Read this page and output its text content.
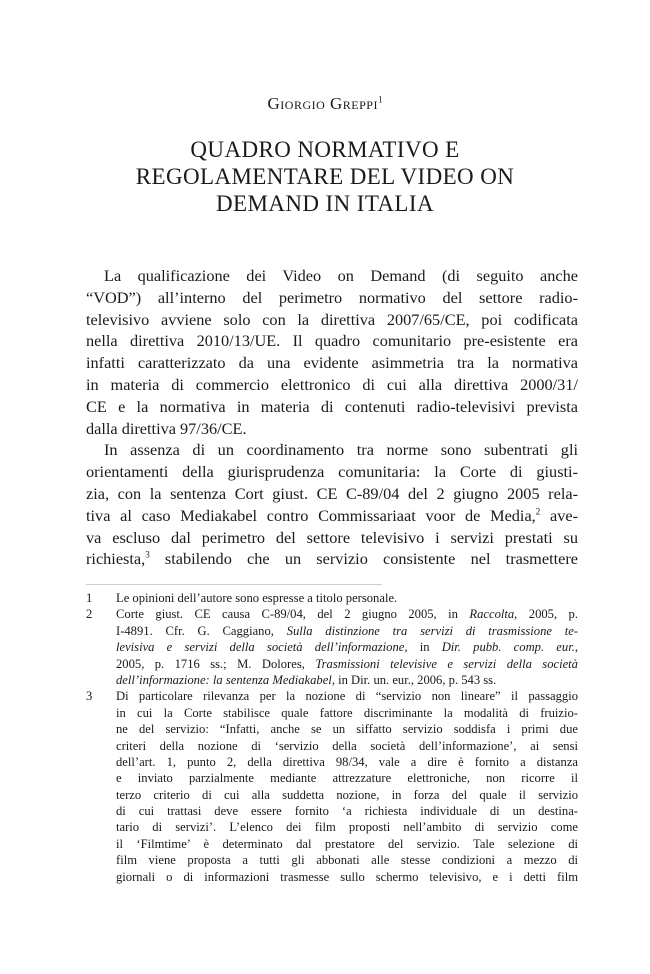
Giorgio Greppi$^1$
QUADRO NORMATIVO E
REGOLAMENTARE DEL VIDEO ON
DEMAND IN ITALIA
La qualificazione dei Video on Demand (di seguito anche
“VOD”) all’interno del perimetro normativo del settore radio-
televisivo avviene solo con la direttiva 2007/65/CE, poi codificata
nella direttiva 2010/13/UE. Il quadro comunitario pre-esistente era
infatti caratterizzato da una evidente asimmetria tra la normativa
in materia di commercio elettronico di cui alla direttiva 2000/31/
CE e la normativa in materia di contenuti radio-televisivi prevista
dalla direttiva 97/36/CE.
In assenza di un coordinamento tra norme sono subentrati gli
orientamenti della giurisprudenza comunitaria: la Corte di giusti-
zia, con la sentenza Cort giust. CE C-89/04 del 2 giugno 2005 rela-
tiva al caso Mediakabel contro Commissariaat voor de Media,$^2$ ave-
va escluso dal perimetro del settore televisivo i servizi prestati su
richiesta,$^3$ stabilendo che un servizio consistente nel trasmettere
1	Le opinioni dell’autore sono espresse a titolo personale.
2	Corte giust. CE causa C-89/04, del 2 giugno 2005, in Raccolta, 2005, p.
I-4891. Cfr. G. Caggiano, Sulla distinzione tra servizi di trasmissione te-
levisiva e servizi della società dell’informazione, in Dir. pubb. comp. eur.,
2005, p. 1716 ss.; M. Dolores, Trasmissioni televisive e servizi della società
dell’informazione: la sentenza Mediakabel, in Dir. un. eur., 2006, p. 543 ss.
3	Di particolare rilevanza per la nozione di “servizio non lineare” il passaggio
in cui la Corte stabilisce quale fattore discriminante la modalità di fruizio-
ne del servizio: “Infatti, anche se un siffatto servizio soddisfa i primi due
criteri della nozione di ‘servizio della società dell’informazione’, ai sensi
dell’art. 1, punto 2, della direttiva 98/34, vale a dire è fornito a distanza
e inviato parzialmente mediante attrezzature elettroniche, non ricorre il
terzo criterio di cui alla suddetta nozione, in forza del quale il servizio
di cui trattasi deve essere fornito ‘a richiesta individuale di un destina-
tario di servizi’. L’elenco dei film proposti nell’ambito di servizio come
il ‘Filmtime’ è determinato dal prestatore del servizio. Tale selezione di
film viene proposta a tutti gli abbonati alle stesse condizioni a mezzo di
giornali o di informazioni trasmesse sullo schermo televisivo, e i detti film
